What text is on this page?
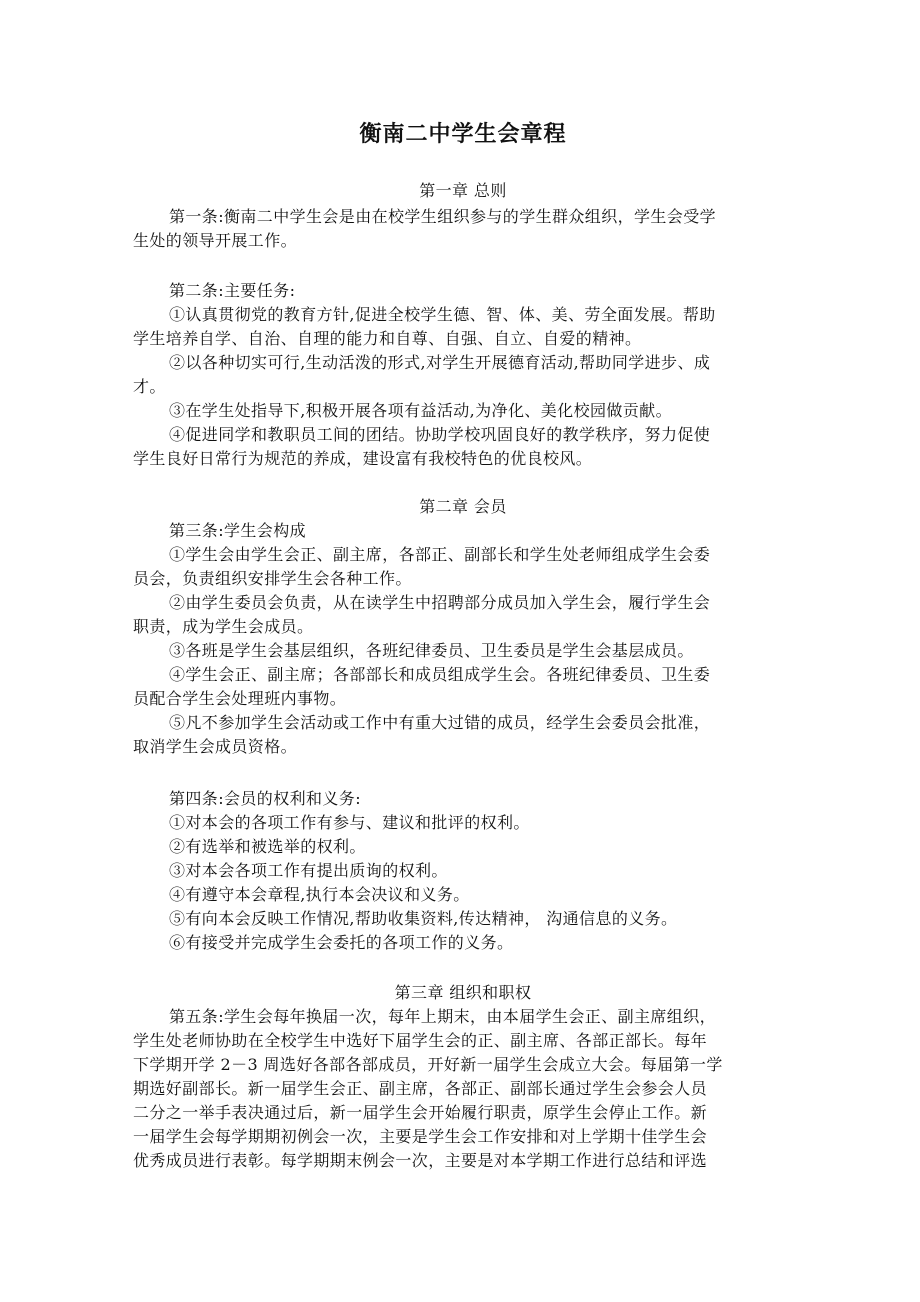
衡南二中学生会章程
第一章 总则
第一条:衡南二中学生会是由在校学生组织参与的学生群众组织，学生会受学
生处的领导开展工作。
第二条:主要任务:
①认真贯彻党的教育方针,促进全校学生德、智、体、美、劳全面发展。帮助
学生培养自学、自治、自理的能力和自尊、自强、自立、自爱的精神。
②以各种切实可行,生动活泼的形式,对学生开展德育活动,帮助同学进步、成
才。
③在学生处指导下,积极开展各项有益活动,为净化、美化校园做贡献。
④促进同学和教职员工间的团结。协助学校巩固良好的教学秩序，努力促使
学生良好日常行为规范的养成，建设富有我校特色的优良校风。
第二章 会员
第三条:学生会构成
①学生会由学生会正、副主席，各部正、副部长和学生处老师组成学生会委
员会，负责组织安排学生会各种工作。
②由学生委员会负责，从在读学生中招聘部分成员加入学生会，履行学生会
职责，成为学生会成员。
③各班是学生会基层组织，各班纪律委员、卫生委员是学生会基层成员。
④学生会正、副主席；各部部长和成员组成学生会。各班纪律委员、卫生委
员配合学生会处理班内事物。
⑤凡不参加学生会活动或工作中有重大过错的成员，经学生会委员会批准，
取消学生会成员资格。
第四条:会员的权利和义务:
①对本会的各项工作有参与、建议和批评的权利。
②有选举和被选举的权利。
③对本会各项工作有提出质询的权利。
④有遵守本会章程,执行本会决议和义务。
⑤有向本会反映工作情况,帮助收集资料,传达精神， 沟通信息的义务。
⑥有接受并完成学生会委托的各项工作的义务。
第三章 组织和职权
第五条:学生会每年换届一次，每年上期末，由本届学生会正、副主席组织，
学生处老师协助在全校学生中选好下届学生会的正、副主席、各部正部长。每年
下学期开学 2－3 周选好各部各部成员，开好新一届学生会成立大会。每届第一学
期选好副部长。新一届学生会正、副主席，各部正、副部长通过学生会参会人员
二分之一举手表决通过后，新一届学生会开始履行职责，原学生会停止工作。新
一届学生会每学期期初例会一次，主要是学生会工作安排和对上学期十佳学生会
优秀成员进行表彰。每学期期末例会一次，主要是对本学期工作进行总结和评选
